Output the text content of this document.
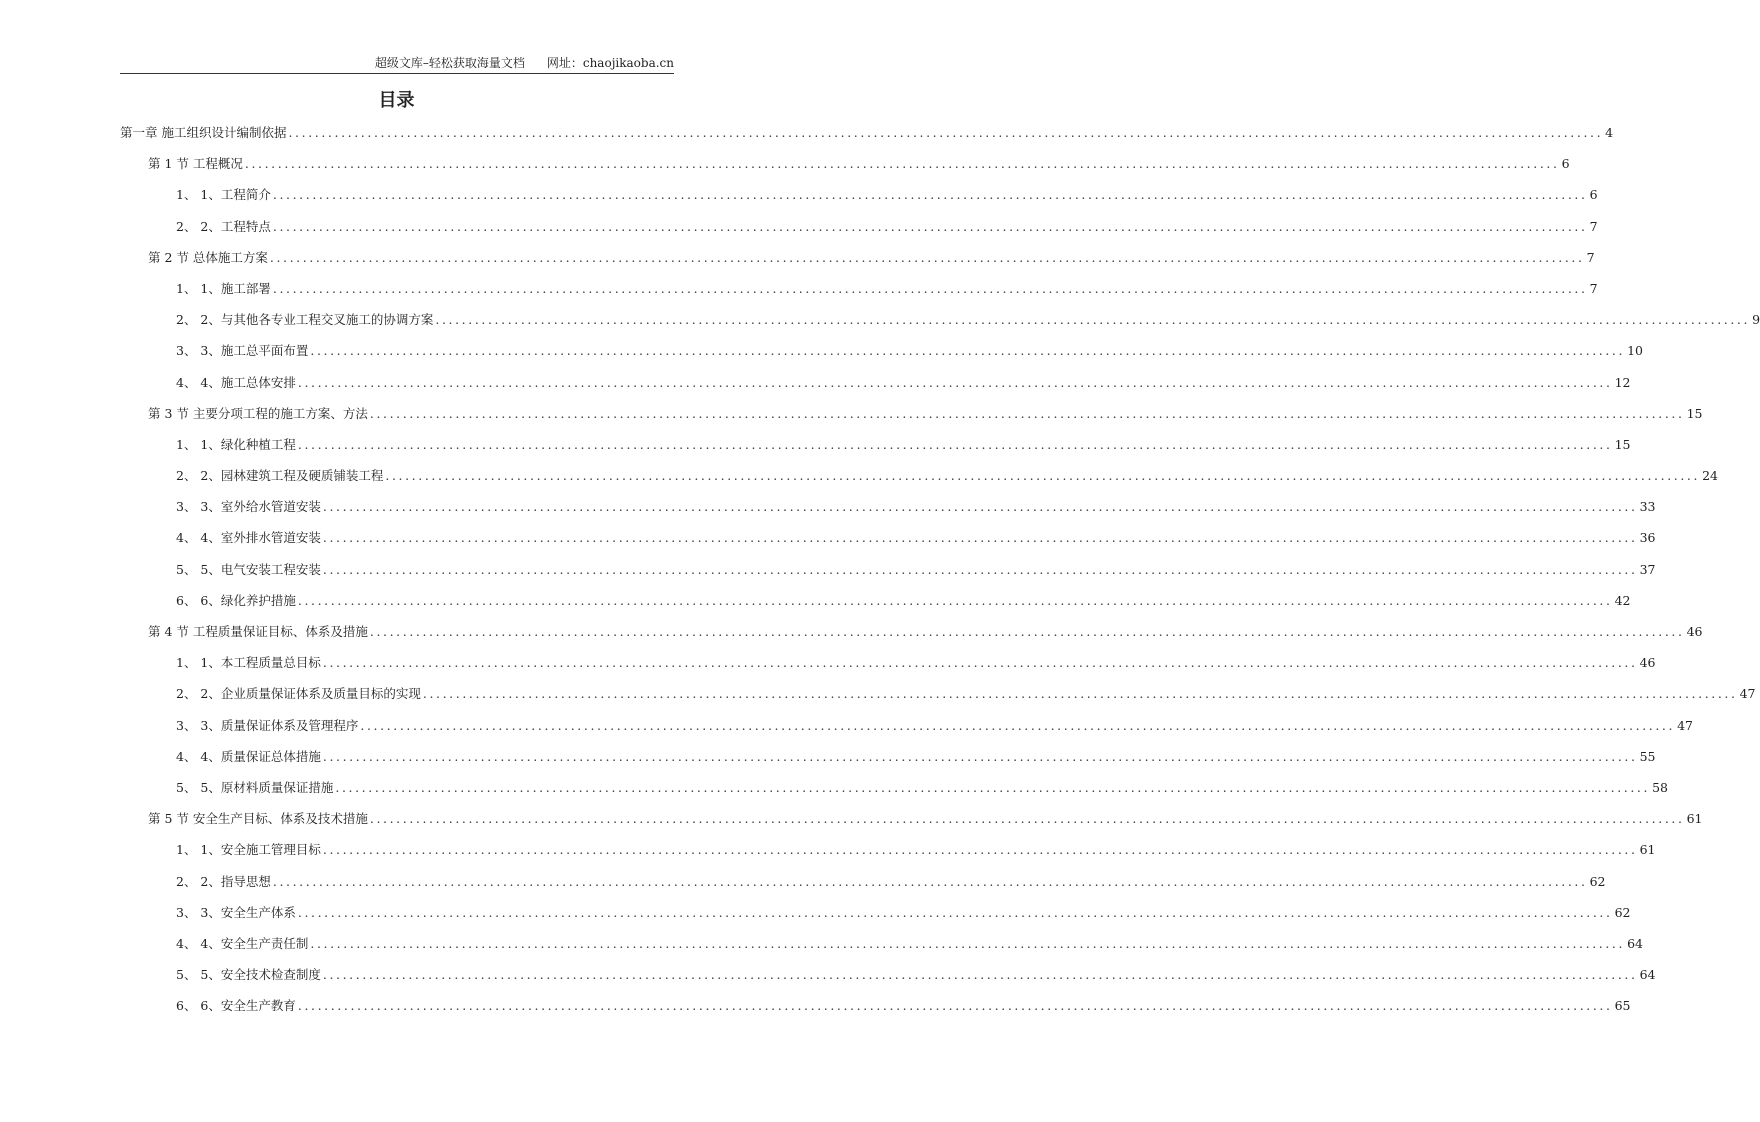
超级文库–轻松获取海量文档 网址：chaojikaoba.cn
目录
第一章 施工组织设计编制依据 ........................................................................................................................................................................................................ 4
第 1 节 工程概况 ........................................................................................................................................................................................................ 6
1、 1、工程简介 ........................................................................................................................................................................................................ 6
2、 2、工程特点 ........................................................................................................................................................................................................ 7
第 2 节 总体施工方案 ........................................................................................................................................................................................................ 7
1、 1、施工部署 ........................................................................................................................................................................................................ 7
2、 2、与其他各专业工程交叉施工的协调方案 ........................................................................................................................................................................................................ 9
3、 3、施工总平面布置 ........................................................................................................................................................................................................ 10
4、 4、施工总体安排 ........................................................................................................................................................................................................ 12
第 3 节 主要分项工程的施工方案、方法 ........................................................................................................................................................................................................ 15
1、 1、绿化种植工程 ........................................................................................................................................................................................................ 15
2、 2、园林建筑工程及硬质铺装工程 ........................................................................................................................................................................................................ 24
3、 3、室外给水管道安装 ........................................................................................................................................................................................................ 33
4、 4、室外排水管道安装 ........................................................................................................................................................................................................ 36
5、 5、电气安装工程安装 ........................................................................................................................................................................................................ 37
6、 6、绿化养护措施 ........................................................................................................................................................................................................ 42
第 4 节 工程质量保证目标、体系及措施 ........................................................................................................................................................................................................ 46
1、 1、本工程质量总目标 ........................................................................................................................................................................................................ 46
2、 2、企业质量保证体系及质量目标的实现 ........................................................................................................................................................................................................ 47
3、 3、质量保证体系及管理程序 ........................................................................................................................................................................................................ 47
4、 4、质量保证总体措施 ........................................................................................................................................................................................................ 55
5、 5、原材料质量保证措施 ........................................................................................................................................................................................................ 58
第 5 节 安全生产目标、体系及技术措施 ........................................................................................................................................................................................................ 61
1、 1、安全施工管理目标 ........................................................................................................................................................................................................ 61
2、 2、指导思想 ........................................................................................................................................................................................................ 62
3、 3、安全生产体系 ........................................................................................................................................................................................................ 62
4、 4、安全生产责任制 ........................................................................................................................................................................................................ 64
5、 5、安全技术检查制度 ........................................................................................................................................................................................................ 64
6、 6、安全生产教育 ........................................................................................................................................................................................................ 65
